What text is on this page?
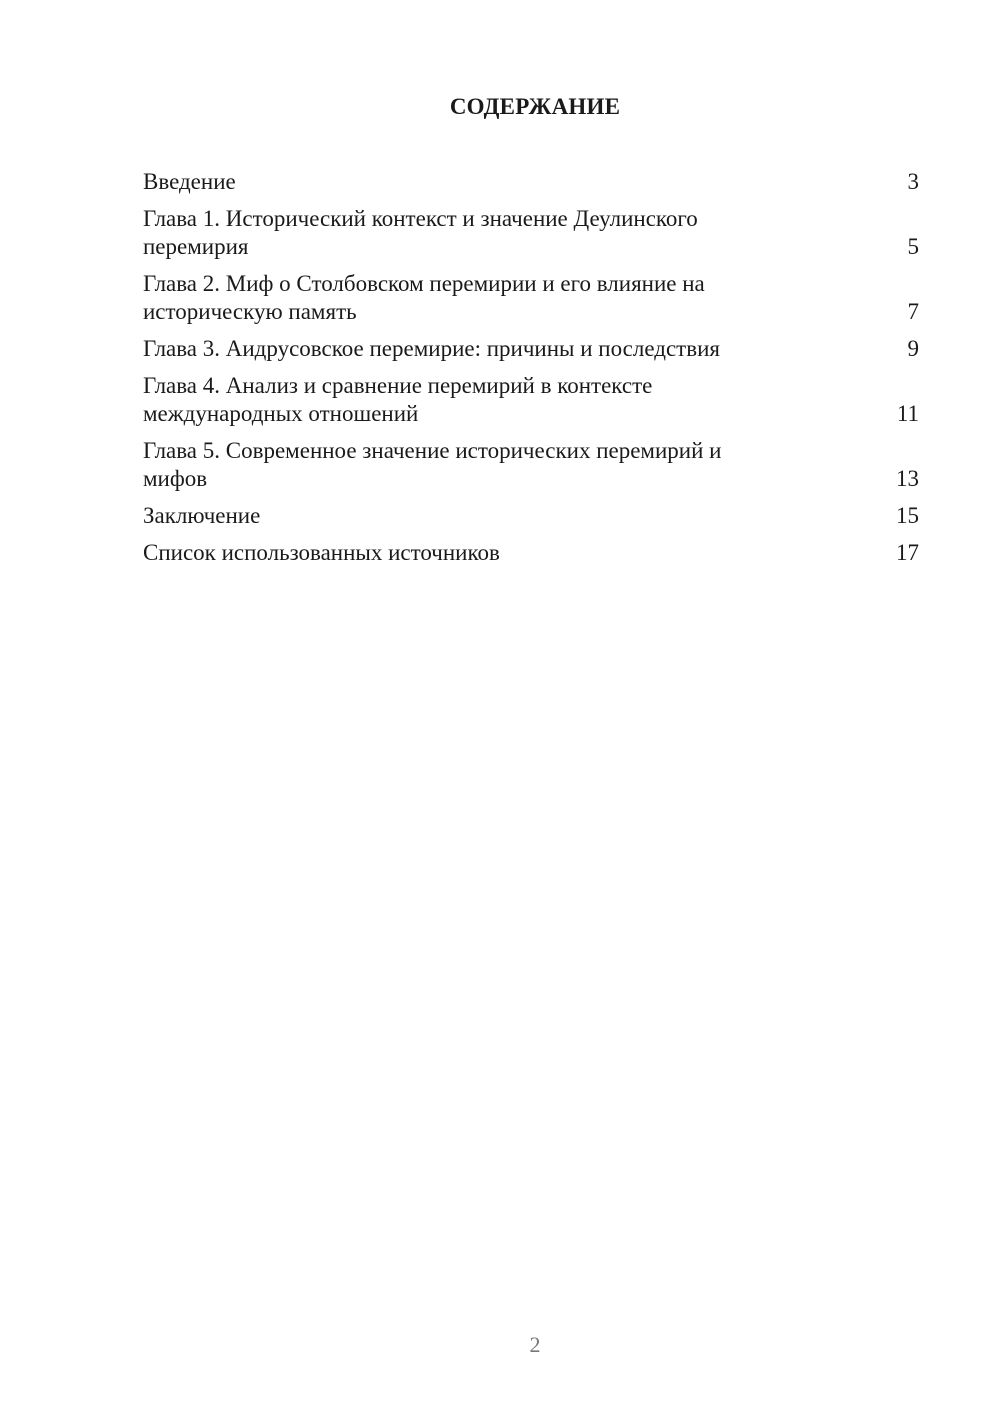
СОДЕРЖАНИЕ
Введение	3
Глава 1. Исторический контекст и значение Деулинского перемирия	5
Глава 2. Миф о Столбовском перемирии и его влияние на историческую память	7
Глава 3. Аидрусовское перемирие: причины и последствия	9
Глава 4. Анализ и сравнение перемирий в контексте международных отношений	11
Глава 5. Современное значение исторических перемирий и мифов	13
Заключение	15
Список использованных источников	17
2
